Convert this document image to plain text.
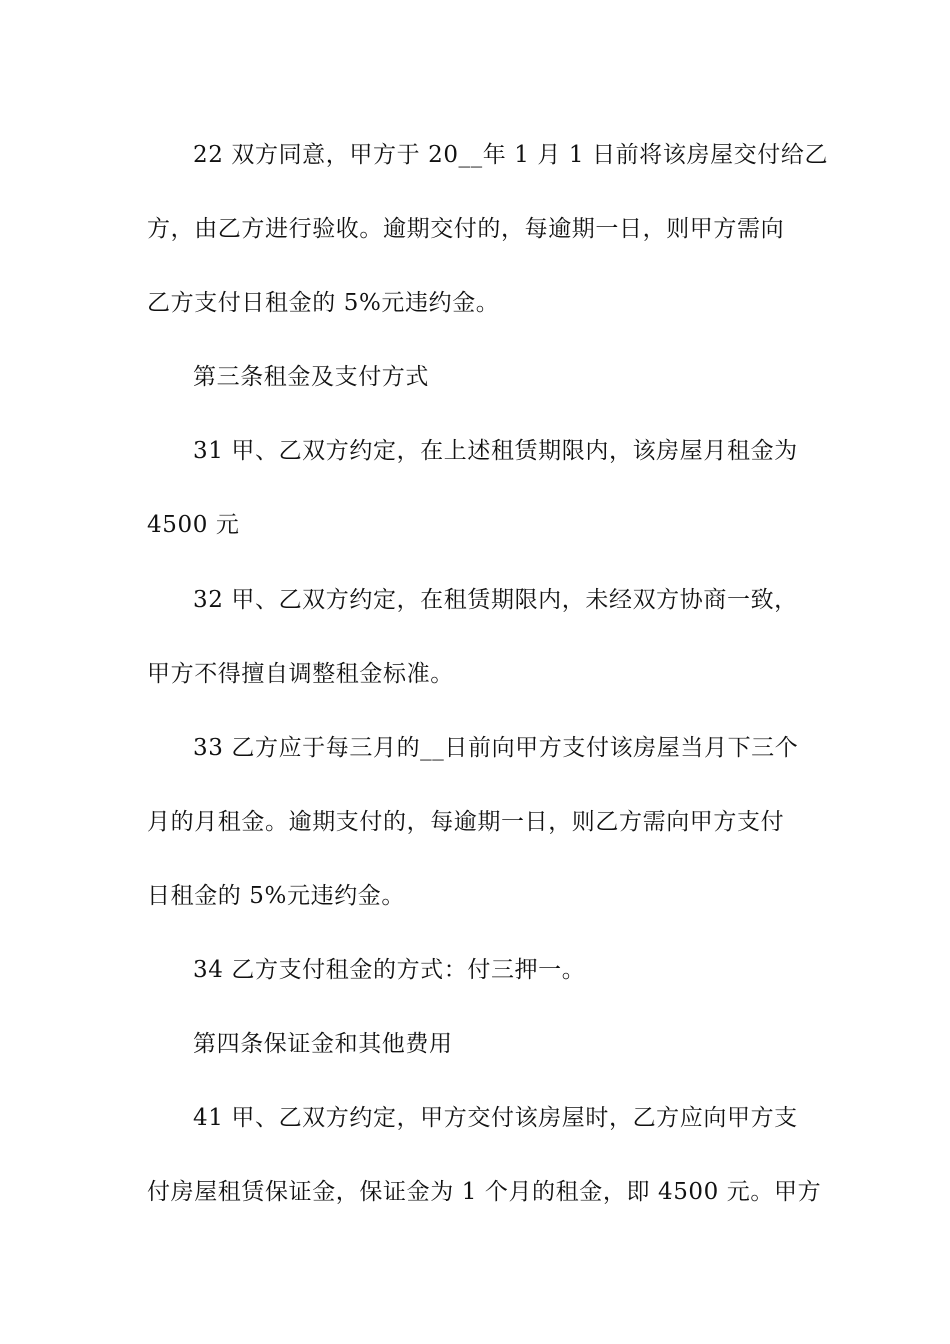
22 双方同意，甲方于 20__年 1 月 1 日前将该房屋交付给乙
方，由乙方进行验收。逾期交付的，每逾期一日，则甲方需向
乙方支付日租金的 5%元违约金。
第三条租金及支付方式
31 甲、乙双方约定，在上述租赁期限内，该房屋月租金为
4500 元
32 甲、乙双方约定，在租赁期限内，未经双方协商一致，
甲方不得擅自调整租金标准。
33 乙方应于每三月的__日前向甲方支付该房屋当月下三个
月的月租金。逾期支付的，每逾期一日，则乙方需向甲方支付
日租金的 5%元违约金。
34 乙方支付租金的方式：付三押一。
第四条保证金和其他费用
41 甲、乙双方约定，甲方交付该房屋时，乙方应向甲方支
付房屋租赁保证金，保证金为 1 个月的租金，即 4500 元。甲方
